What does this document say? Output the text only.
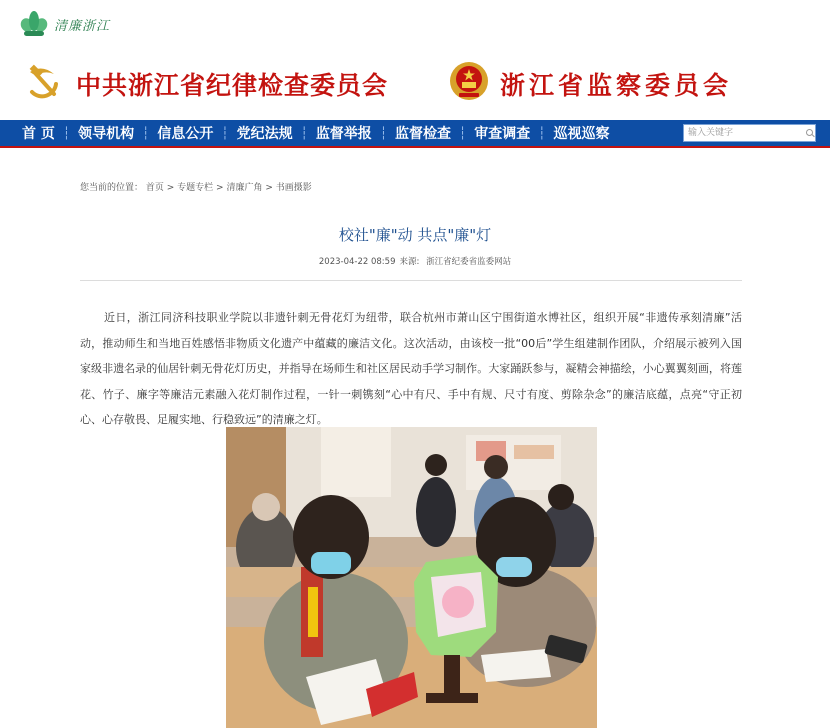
清廉浙江
中共浙江省纪律检查委员会	浙江省监察委员会
首 页 ┆ 领导机构 ┆ 信息公开 ┆ 党纪法规 ┆ 监督举报 ┆ 监督检查 ┆ 审查调查 ┆ 巡视巡察
输入关键字
您当前的位置： 首页 > 专题专栏 > 清廉广角 > 书画摄影
校社"廉"动 共点"廉"灯
2023-04-22 08:59 来源: 浙江省纪委省监委网站
近日，浙江同济科技职业学院以非遗针刺无骨花灯为纽带，联合杭州市萧山区宁围街道水博社区，组织开展“非遗传承刻清廉”活动，推动师生和当地百姓感悟非物质文化遗产中蕴藏的廉洁文化。这次活动，由该校一批“00后”学生组建制作团队，介绍展示被列入国家级非遗名录的仙居针刺无骨花灯历史，并指导在场师生和社区居民动手学习制作。大家踊跃参与，凝精会神描绘，小心翼翼刻画，将莲花、竹子、廉字等廉洁元素融入花灯制作过程，一针一刺镌刻“心中有尺、手中有规、尺寸有度、剪除杂念”的廉洁底蕴，点亮“守正初心、心存敬畏、足履实地、行稳致远”的清廉之灯。
